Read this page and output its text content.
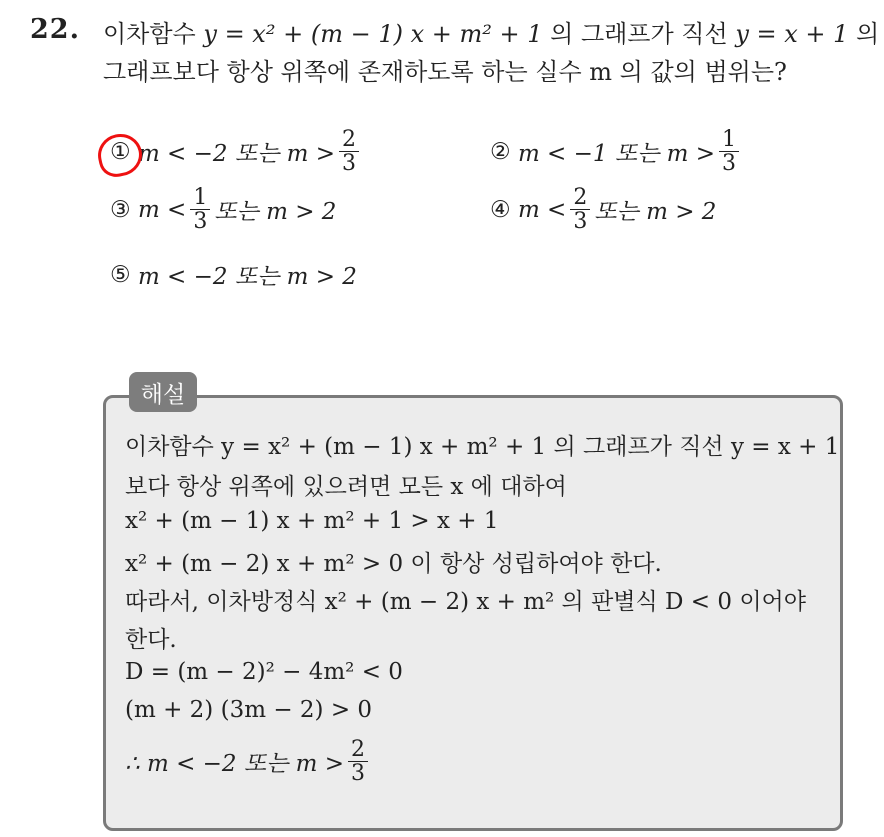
22. 이차함수 y = x² + (m − 1) x + m² + 1 의 그래프가 직선 y = x + 1 의
그래프보다 항상 위쪽에 존재하도록 하는 실수 m 의 값의 범위는?
①
m < −2 또는 $m > \frac{2}{3}$	②
m < −1 또는 $m > \frac{1}{3}$
③
$m < \frac{1}{3}$ 또는 m > 2	④
$m < \frac{2}{3}$ 또는 m > 2
⑤
m < −2 또는 m > 2
해설
이차함수 y = x² + (m − 1) x + m² + 1 의 그래프가 직선 y = x + 1
보다 항상 위쪽에 있으려면 모든 x 에 대하여
x² + (m − 1) x + m² + 1 > x + 1
x² + (m − 2) x + m² > 0 이 항상 성립하여야 한다.
따라서, 이차방정식 x² + (m − 2) x + m² 의 판별식 D < 0 이어야
한다.
D = (m − 2)² − 4m² < 0
(m + 2) (3m − 2) > 0
∴ m < −2 또는 $m > \frac{2}{3}$
